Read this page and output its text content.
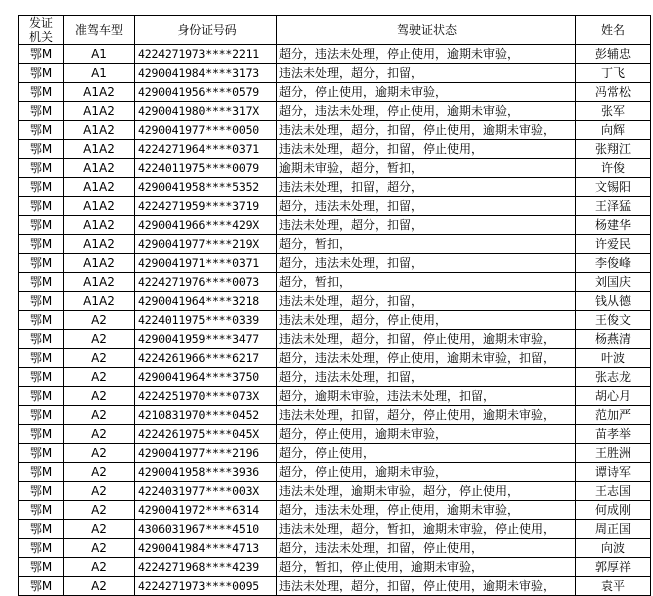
发证
机关	准驾车型	身份证号码	驾驶证状态	姓名
鄂M	A1	4224271973****2211	超分，违法未处理，停止使用，逾期未审验，	彭辅忠
鄂M	A1	4290041984****3173	违法未处理，超分，扣留，	丁飞
鄂M	A1A2	4290041956****0579	超分，停止使用，逾期未审验，	冯常松
鄂M	A1A2	4290041980****317X	超分，违法未处理，停止使用，逾期未审验，	张军
鄂M	A1A2	4290041977****0050	违法未处理，超分，扣留，停止使用，逾期未审验，	向辉
鄂M	A1A2	4224271964****0371	违法未处理，超分，扣留，停止使用，	张翔江
鄂M	A1A2	4224011975****0079	逾期未审验，超分，暂扣，	许俊
鄂M	A1A2	4290041958****5352	违法未处理，扣留，超分，	文锡阳
鄂M	A1A2	4224271959****3719	超分，违法未处理，扣留，	王泽猛
鄂M	A1A2	4290041966****429X	违法未处理，超分，扣留，	杨建华
鄂M	A1A2	4290041977****219X	超分，暂扣，	许爱民
鄂M	A1A2	4290041971****0371	超分，违法未处理，扣留，	李俊峰
鄂M	A1A2	4224271976****0073	超分，暂扣，	刘国庆
鄂M	A1A2	4290041964****3218	违法未处理，超分，扣留，	钱从德
鄂M	A2	4224011975****0339	违法未处理，超分，停止使用，	王俊文
鄂M	A2	4290041959****3477	违法未处理，超分，扣留，停止使用，逾期未审验，	杨燕清
鄂M	A2	4224261966****6217	超分，违法未处理，停止使用，逾期未审验，扣留，	叶波
鄂M	A2	4290041964****3750	超分，违法未处理，扣留，	张志龙
鄂M	A2	4224251970****073X	超分，逾期未审验，违法未处理，扣留，	胡心月
鄂M	A2	4210831970****0452	违法未处理，扣留，超分，停止使用，逾期未审验，	范加严
鄂M	A2	4224261975****045X	超分，停止使用，逾期未审验，	苗孝举
鄂M	A2	4290041977****2196	超分，停止使用，	王胜洲
鄂M	A2	4290041958****3936	超分，停止使用，逾期未审验，	谭诗军
鄂M	A2	4224031977****003X	违法未处理，逾期未审验，超分，停止使用，	王志国
鄂M	A2	4290041972****6314	超分，违法未处理，停止使用，逾期未审验，	何成刚
鄂M	A2	4306031967****4510	违法未处理，超分，暂扣，逾期未审验，停止使用，	周正国
鄂M	A2	4290041984****4713	超分，违法未处理，扣留，停止使用，	向波
鄂M	A2	4224271968****4239	超分，暂扣，停止使用，逾期未审验，	郭厚祥
鄂M	A2	4224271973****0095	违法未处理，超分，扣留，停止使用，逾期未审验，	袁平
